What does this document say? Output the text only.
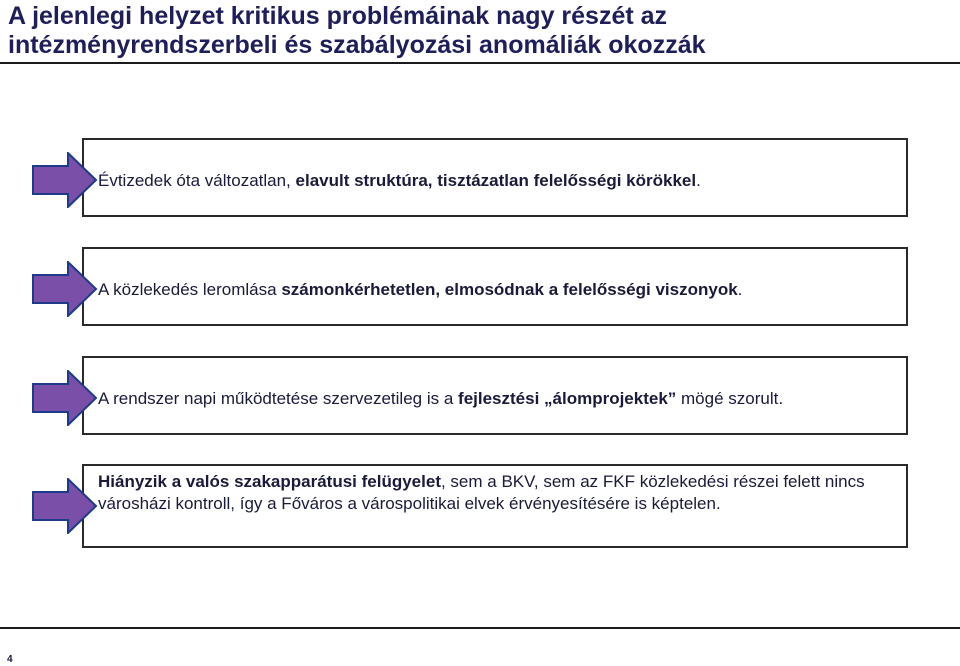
A jelenlegi helyzet kritikus problémáinak nagy részét az
intézményrendszerbeli és szabályozási anomáliák okozzák
Évtizedek óta változatlan, elavult struktúra, tisztázatlan felelősségi körökkel.
A közlekedés leromlása számonkérhetetlen, elmosódnak a felelősségi viszonyok.
A rendszer napi működtetése szervezetileg is a fejlesztési „álomprojektek” mögé szorult.
Hiányzik a valós szakapparátusi felügyelet, sem a BKV, sem az FKF közlekedési részei felett nincs városházi kontroll, így a Főváros a várospolitikai elvek érvényesítésére is képtelen.
4
